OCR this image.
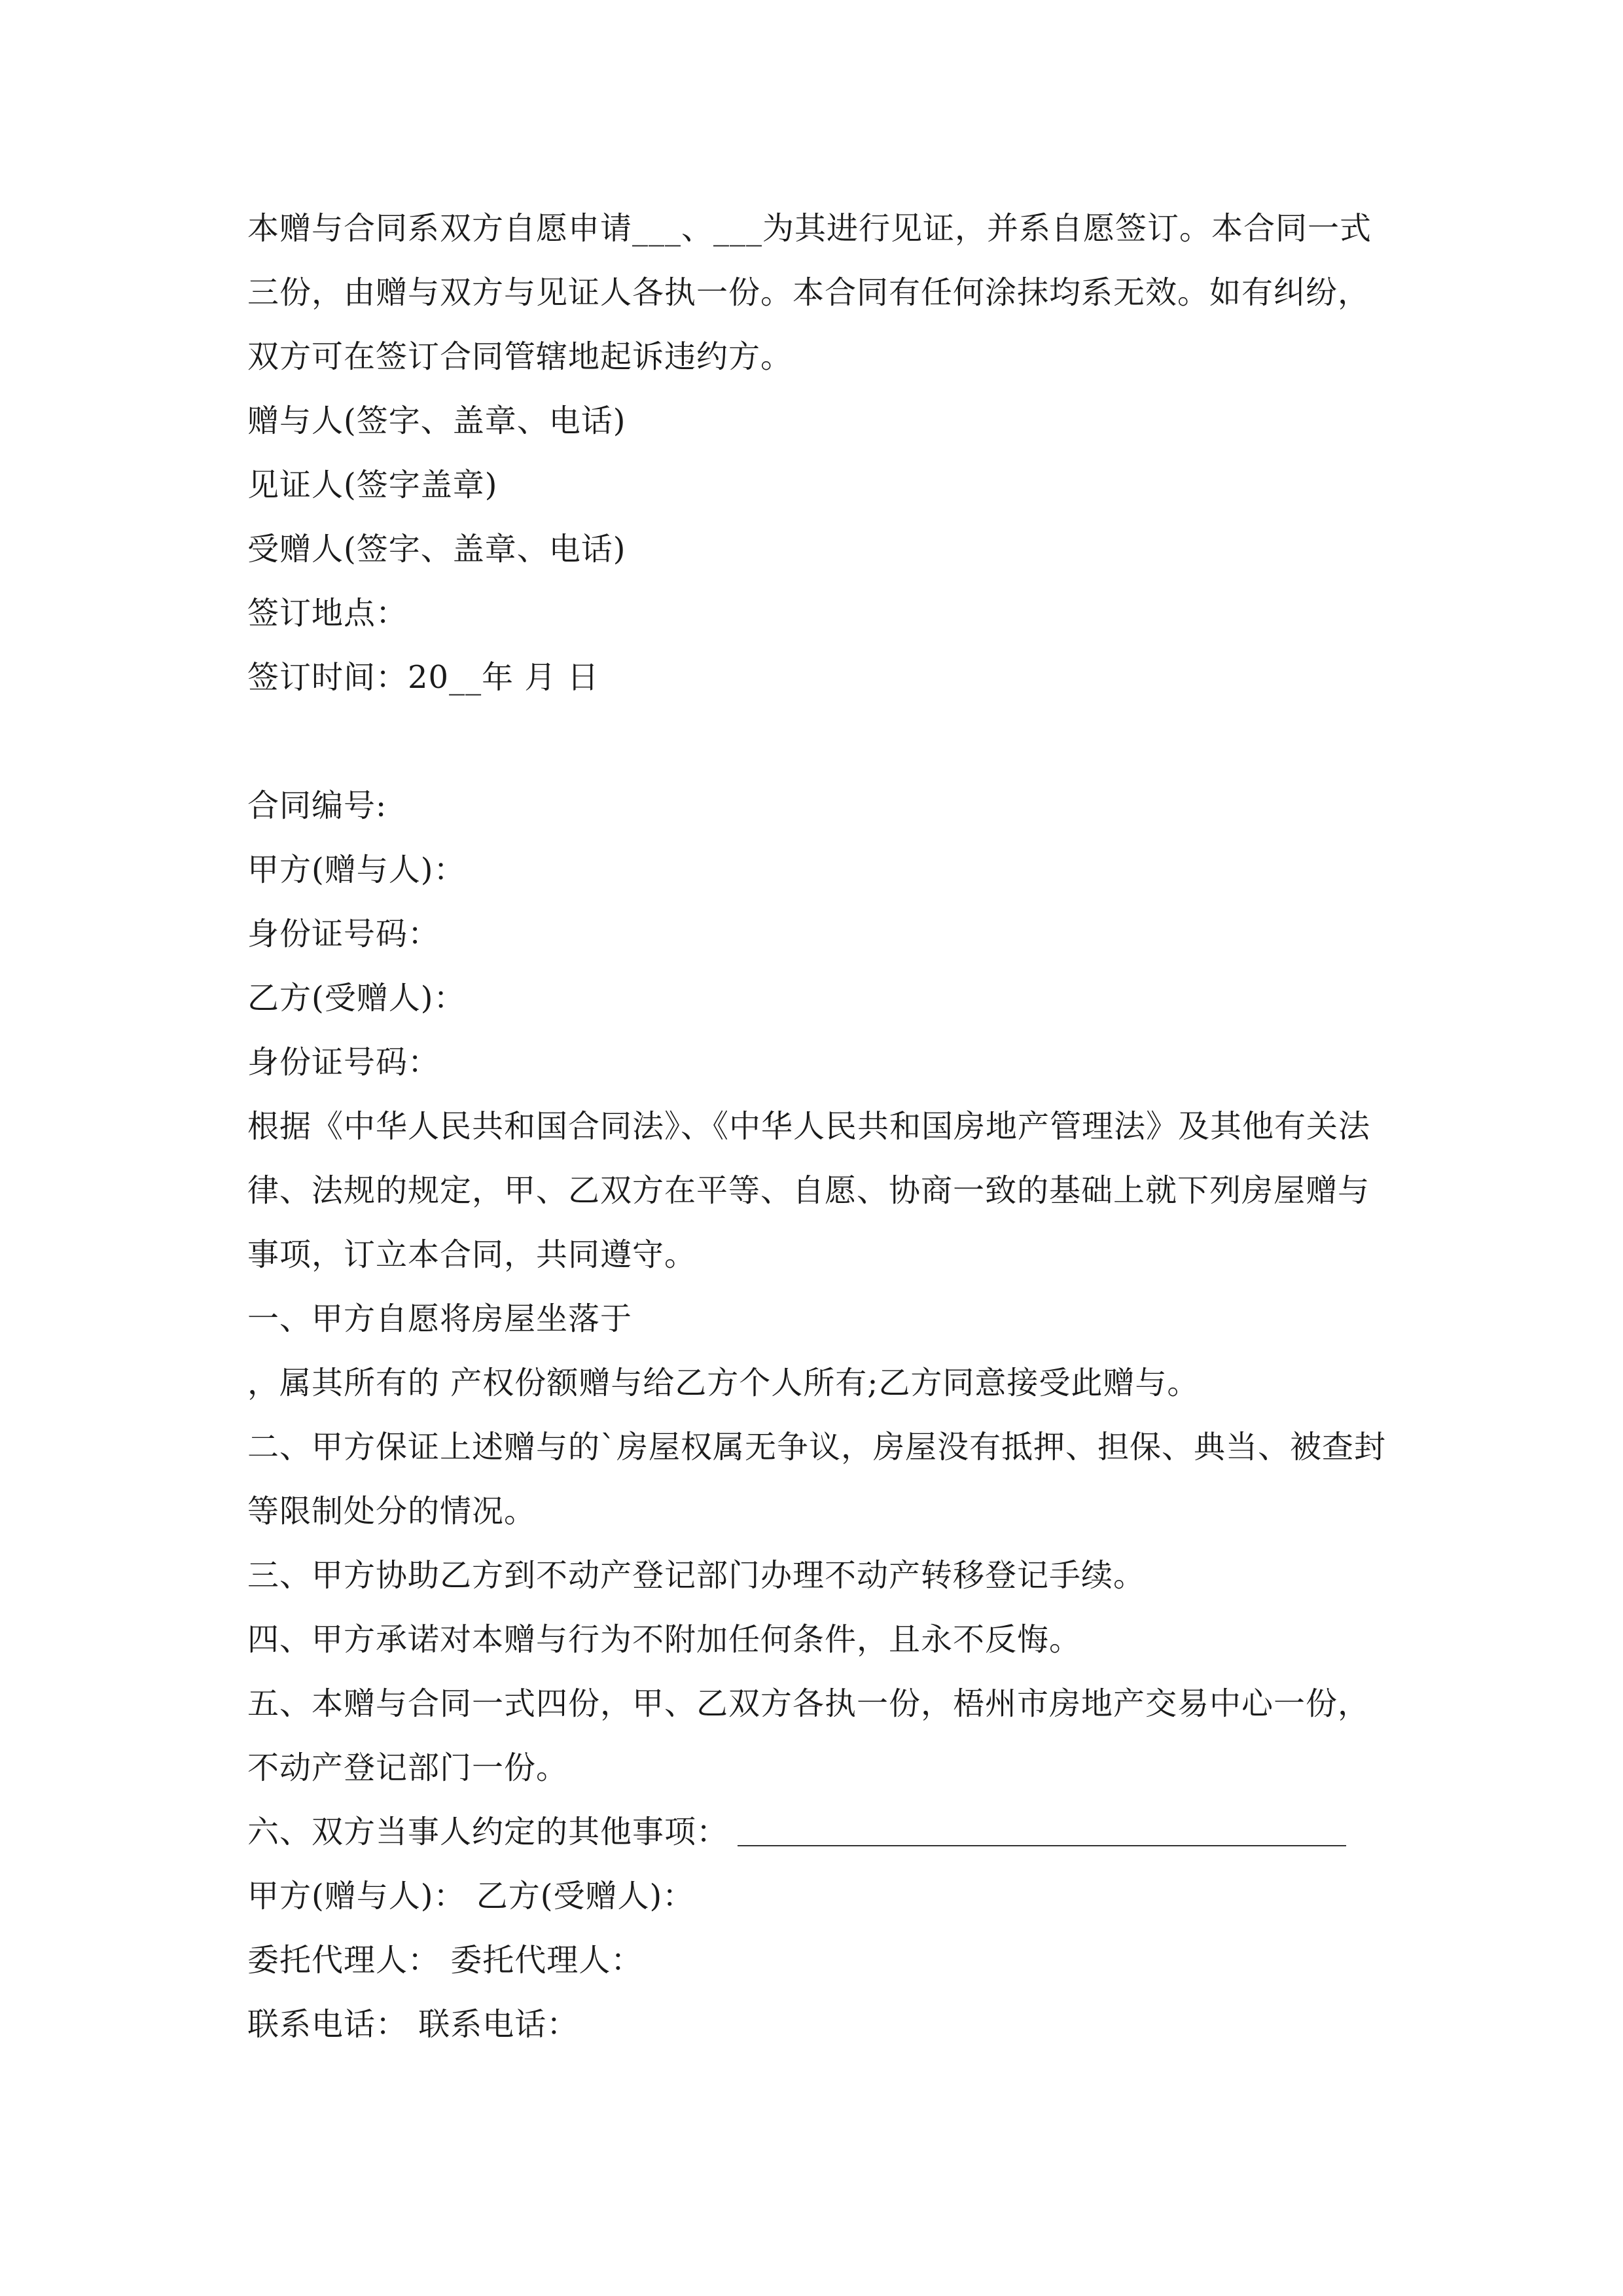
本赠与合同系双方自愿申请___、___为其进行见证，并系自愿签订。本合同一式三份，由赠与双方与见证人各执一份。本合同有任何涂抹均系无效。如有纠纷，双方可在签订合同管辖地起诉违约方。

赠与人(签字、盖章、电话)

见证人(签字盖章)

受赠人(签字、盖章、电话)

签订地点：

签订时间：20__年 月 日

合同编号:

甲方(赠与人)：

身份证号码：

乙方(受赠人)：

身份证号码：

根据《中华人民共和国合同法》、《中华人民共和国房地产管理法》及其他有关法律、法规的规定，甲、乙双方在平等、自愿、协商一致的基础上就下列房屋赠与事项，订立本合同，共同遵守。

一、甲方自愿将房屋坐落于

，属其所有的 产权份额赠与给乙方个人所有;乙方同意接受此赠与。

二、甲方保证上述赠与的`房屋权属无争议，房屋没有抵押、担保、典当、被查封等限制处分的情况。

三、甲方协助乙方到不动产登记部门办理不动产转移登记手续。

四、甲方承诺对本赠与行为不附加任何条件，且永不反悔。

五、本赠与合同一式四份，甲、乙双方各执一份，梧州市房地产交易中心一份，不动产登记部门一份。

六、双方当事人约定的其他事项：

甲方(赠与人)： 乙方(受赠人)：

委托代理人： 委托代理人：

联系电话： 联系电话：
